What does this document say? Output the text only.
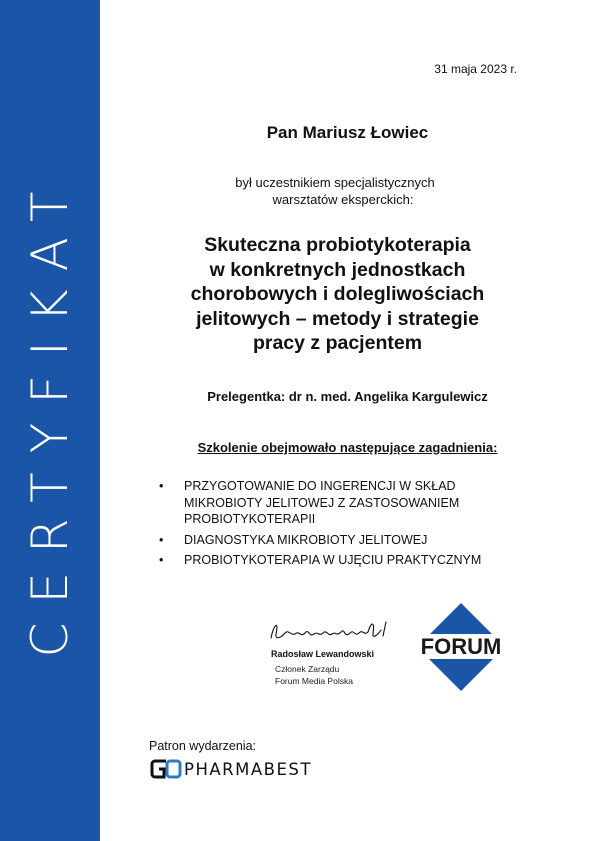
CERTYFIKAT
31 maja 2023 r.
Pan Mariusz Łowiec
był uczestnikiem specjalistycznych
warsztatów eksperckich:
Skuteczna probiotykoterapia
w konkretnych jednostkach
chorobowych i dolegliwościach
jelitowych – metody i strategie
pracy z pacjentem
Prelegentka: dr n. med. Angelika Kargulewicz
Szkolenie obejmowało następujące zagadnienia:
• PRZYGOTOWANIE DO INGERENCJI W SKŁAD MIKROBIOTY JELITOWEJ Z ZASTOSOWANIEM PROBIOTYKOTERAPII
• DIAGNOSTYKA MIKROBIOTY JELITOWEJ
• PROBIOTYKOTERAPIA W UJĘCIU PRAKTYCZNYM
Radosław Lewandowski
Członek Zarządu
Forum Media Polska
FORUM
Patron wydarzenia:
PHARMABEST
